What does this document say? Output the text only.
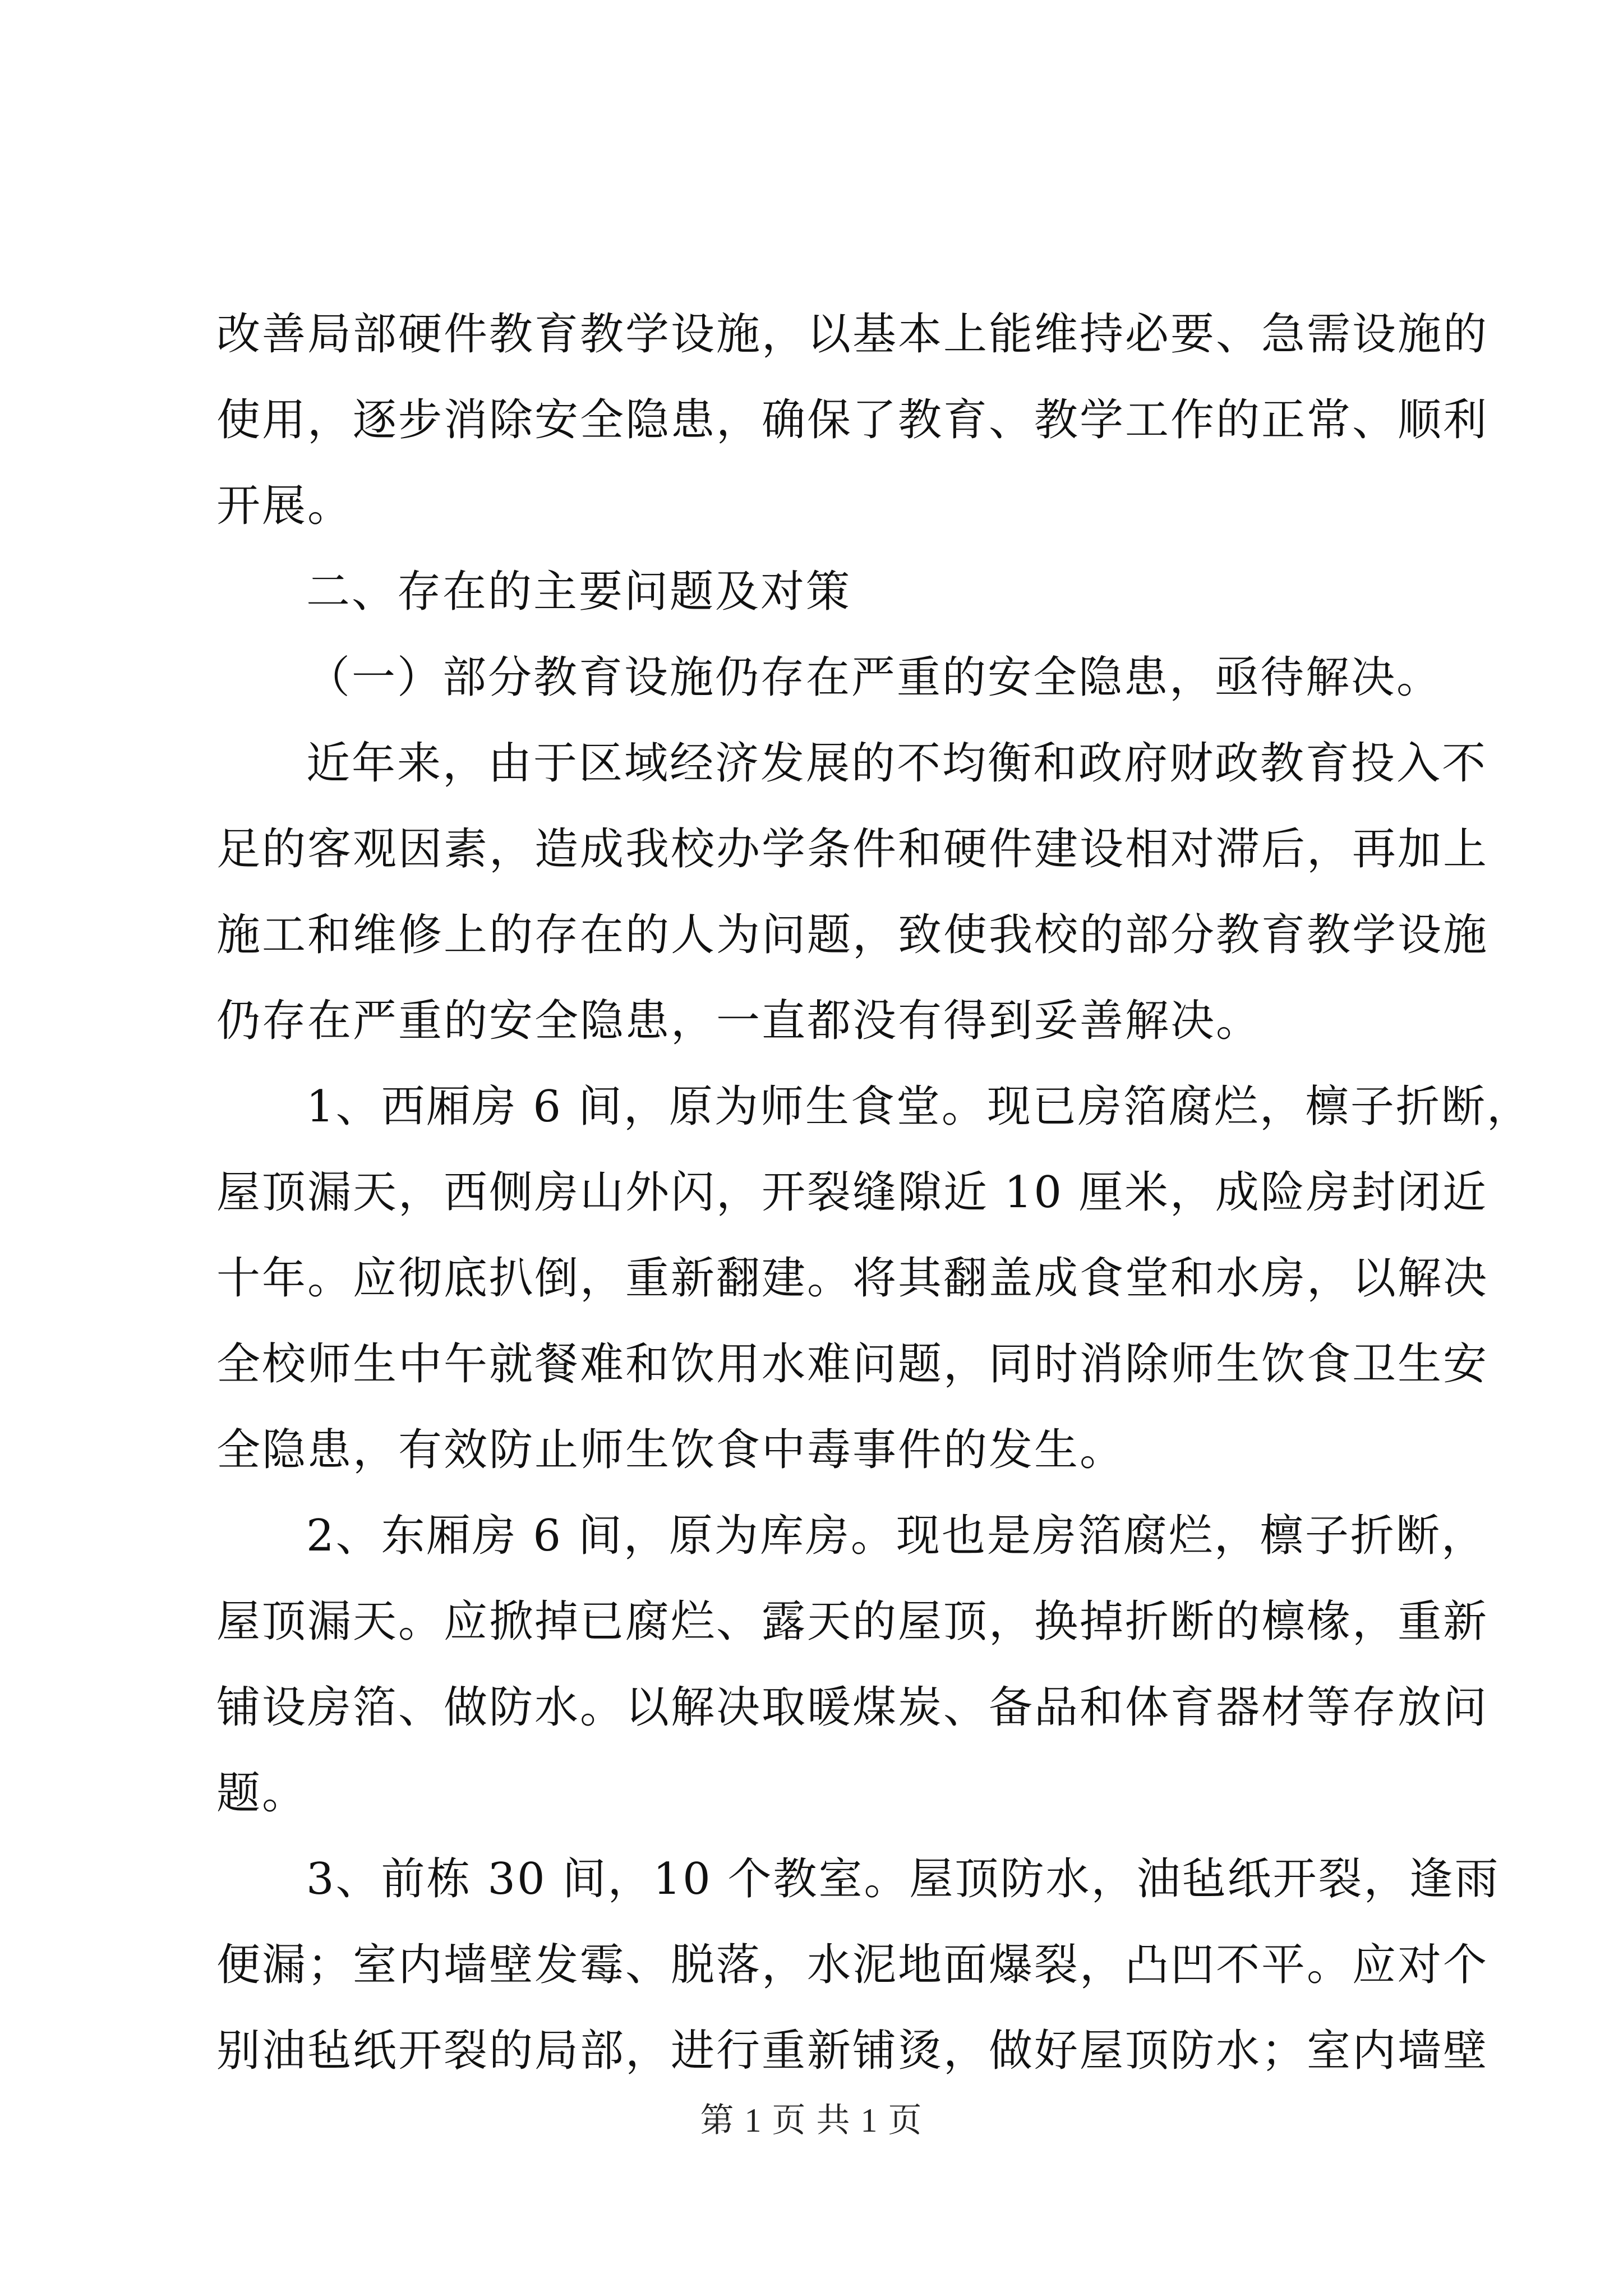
改善局部硬件教育教学设施，以基本上能维持必要、急需设施的
使用，逐步消除安全隐患，确保了教育、教学工作的正常、顺利
开展。
二、存在的主要问题及对策
（一）部分教育设施仍存在严重的安全隐患，亟待解决。
近年来，由于区域经济发展的不均衡和政府财政教育投入不
足的客观因素，造成我校办学条件和硬件建设相对滞后，再加上
施工和维修上的存在的人为问题，致使我校的部分教育教学设施
仍存在严重的安全隐患，一直都没有得到妥善解决。
1、西厢房 6 间，原为师生食堂。现已房箔腐烂，檩子折断，
屋顶漏天，西侧房山外闪，开裂缝隙近 10 厘米，成险房封闭近
十年。应彻底扒倒，重新翻建。将其翻盖成食堂和水房，以解决
全校师生中午就餐难和饮用水难问题，同时消除师生饮食卫生安
全隐患，有效防止师生饮食中毒事件的发生。
2、东厢房 6 间，原为库房。现也是房箔腐烂，檩子折断，
屋顶漏天。应掀掉已腐烂、露天的屋顶，换掉折断的檩椽，重新
铺设房箔、做防水。以解决取暖煤炭、备品和体育器材等存放问
题。
3、前栋 30 间，10 个教室。屋顶防水，油毡纸开裂，逢雨
便漏；室内墙壁发霉、脱落，水泥地面爆裂，凸凹不平。应对个
别油毡纸开裂的局部，进行重新铺烫，做好屋顶防水；室内墙壁
第 1 页 共 1 页
